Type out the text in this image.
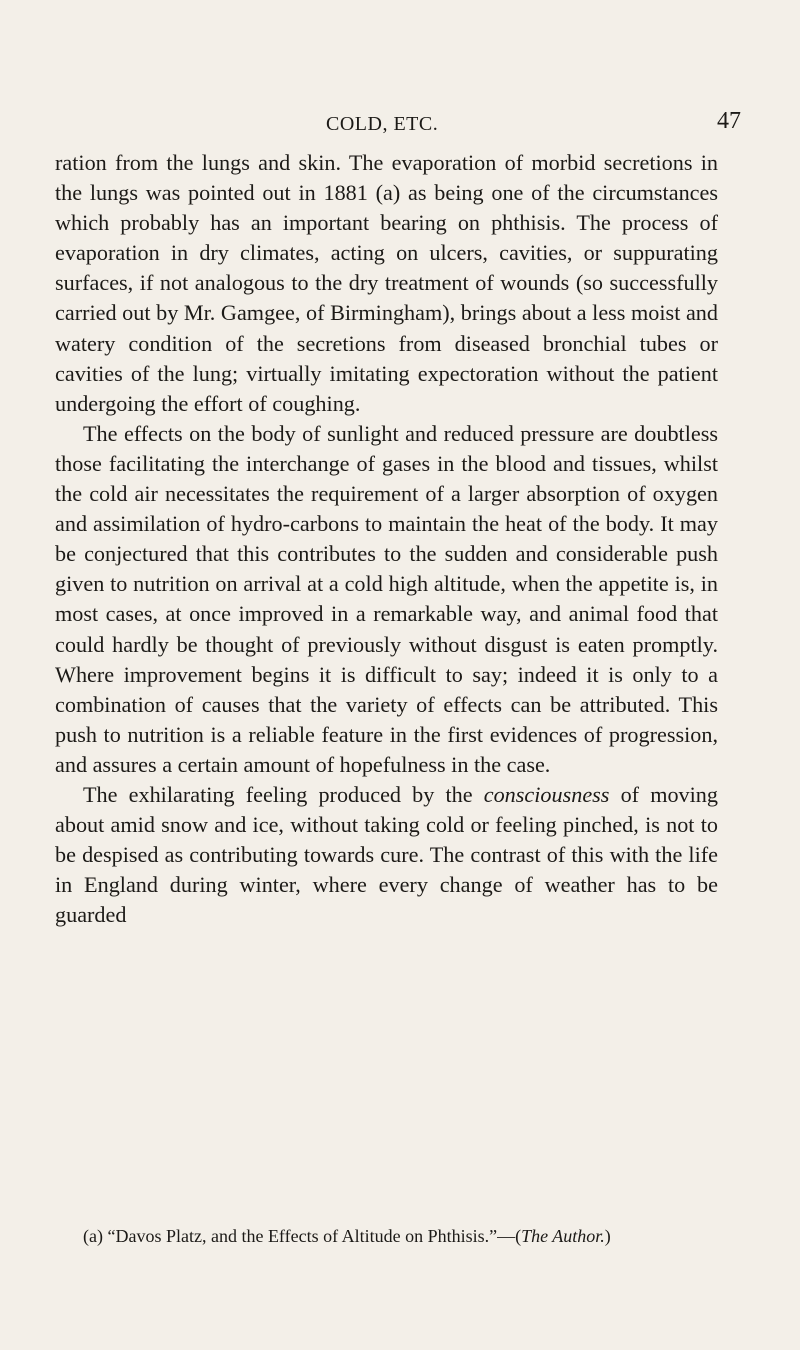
COLD, ETC.	47

ration from the lungs and skin. The evaporation of morbid secretions in the lungs was pointed out in 1881 (a) as being one of the circumstances which probably has an important bearing on phthisis. The process of evaporation in dry climates, acting on ulcers, cavities, or suppurating surfaces, if not analogous to the dry treatment of wounds (so successfully carried out by Mr. Gamgee, of Birmingham), brings about a less moist and watery condition of the secretions from diseased bronchial tubes or cavities of the lung; virtually imitating expectoration without the patient undergoing the effort of coughing.

The effects on the body of sunlight and reduced pressure are doubtless those facilitating the interchange of gases in the blood and tissues, whilst the cold air necessitates the requirement of a larger absorption of oxygen and assimilation of hydro-carbons to maintain the heat of the body. It may be conjectured that this contributes to the sudden and considerable push given to nutrition on arrival at a cold high altitude, when the appetite is, in most cases, at once improved in a remarkable way, and animal food that could hardly be thought of previously without disgust is eaten promptly. Where improvement begins it is difficult to say; indeed it is only to a combination of causes that the variety of effects can be attributed. This push to nutrition is a reliable feature in the first evidences of progression, and assures a certain amount of hopefulness in the case.

The exhilarating feeling produced by the consciousness of moving about amid snow and ice, without taking cold or feeling pinched, is not to be despised as contributing towards cure. The contrast of this with the life in England during winter, where every change of weather has to be guarded

(a) “Davos Platz, and the Effects of Altitude on Phthisis.”—(The Author.)
